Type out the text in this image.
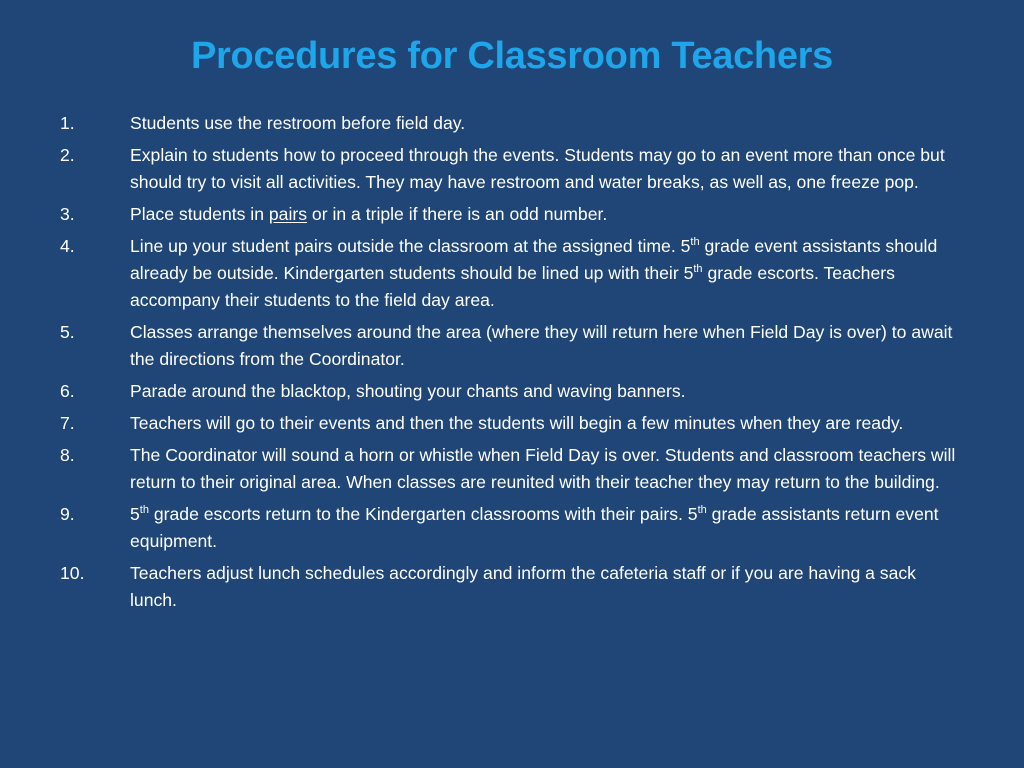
Procedures for Classroom Teachers
1.	Students use the restroom before field day.
2.	Explain to students how to proceed through the events. Students may go to an event more than once but should try to visit all activities. They may have restroom and water breaks, as well as, one freeze pop.
3.	Place students in pairs or in a triple if there is an odd number.
4.	Line up your student pairs outside the classroom at the assigned time. 5th grade event assistants should already be outside. Kindergarten students should be lined up with their 5th grade escorts. Teachers accompany their students to the field day area.
5.	Classes arrange themselves around the area (where they will return here when Field Day is over) to await the directions from the Coordinator.
6.	Parade around the blacktop, shouting your chants and waving banners.
7.	Teachers will go to their events and then the students will begin a few minutes when they are ready.
8.	The Coordinator will sound a horn or whistle when Field Day is over. Students and classroom teachers will return to their original area. When classes are reunited with their teacher they may return to the building.
9.	5th grade escorts return to the Kindergarten classrooms with their pairs. 5th grade assistants return event equipment.
10.	Teachers adjust lunch schedules accordingly and inform the cafeteria staff or if you are having a sack lunch.
